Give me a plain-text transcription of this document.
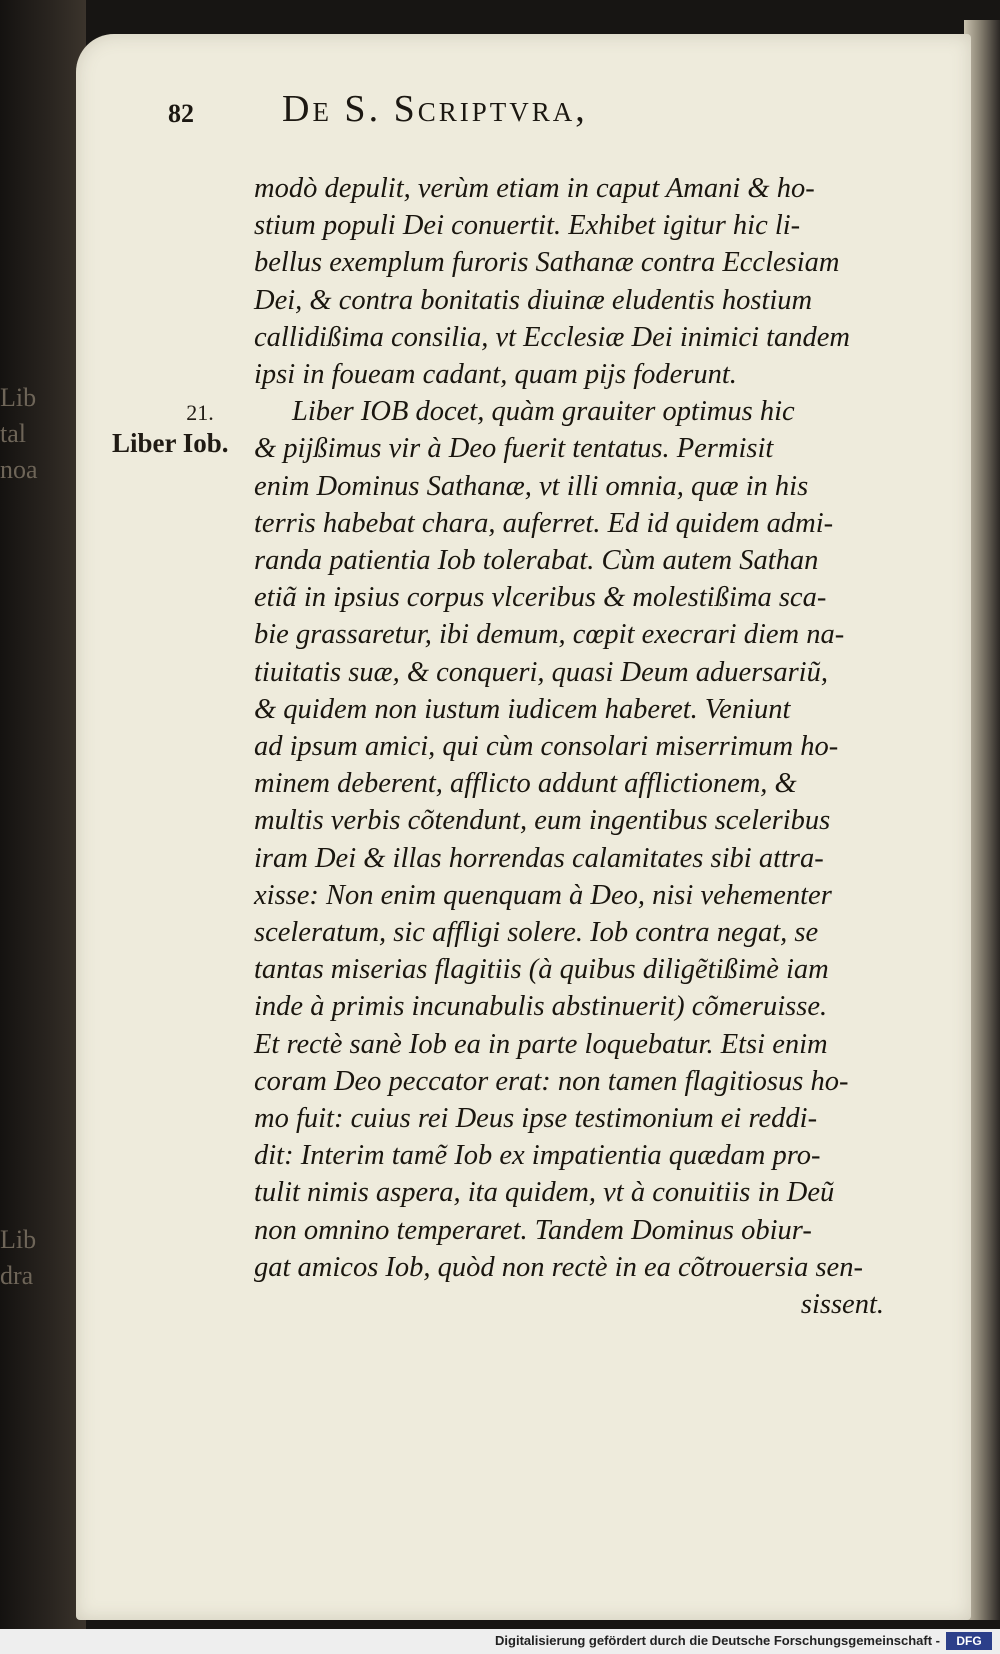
Lib
tal
noa
Lib
dra
82 De S. Scriptvra,
21.
Liber Iob.
modò depulit, verùm etiam in caput Amani & ho-
stium populi Dei conuertit. Exhibet igitur hic li-
bellus exemplum furoris Sathanæ contra Ecclesiam
Dei, & contra bonitatis diuinæ eludentis hostium
callidißima consilia, vt Ecclesiæ Dei inimici tandem
ipsi in foueam cadant, quam pijs foderunt.
Liber IOB docet, quàm grauiter optimus hic
& pijßimus vir à Deo fuerit tentatus. Permisit
enim Dominus Sathanæ, vt illi omnia, quæ in his
terris habebat chara, auferret. Ed id quidem admi-
randa patientia Iob tolerabat. Cùm autem Sathan
etiã in ipsius corpus vlceribus & molestißima sca-
bie grassaretur, ibi demum, cœpit execrari diem na-
tiuitatis suæ, & conqueri, quasi Deum aduersariũ,
& quidem non iustum iudicem haberet. Veniunt
ad ipsum amici, qui cùm consolari miserrimum ho-
minem deberent, afflicto addunt afflictionem, &
multis verbis cõtendunt, eum ingentibus sceleribus
iram Dei & illas horrendas calamitates sibi attra-
xisse: Non enim quenquam à Deo, nisi vehementer
sceleratum, sic affligi solere. Iob contra negat, se
tantas miserias flagitiis (à quibus diligẽtißimè iam
inde à primis incunabulis abstinuerit) cõmeruisse.
Et rectè sanè Iob ea in parte loquebatur. Etsi enim
coram Deo peccator erat: non tamen flagitiosus ho-
mo fuit: cuius rei Deus ipse testimonium ei reddi-
dit: Interim tamẽ Iob ex impatientia quædam pro-
tulit nimis aspera, ita quidem, vt à conuitiis in Deũ
non omnino temperaret. Tandem Dominus obiur-
gat amicos Iob, quòd non rectè in ea cõtrouersia sen-
sissent.
Digitalisierung gefördert durch die Deutsche Forschungsgemeinschaft -	DFG
